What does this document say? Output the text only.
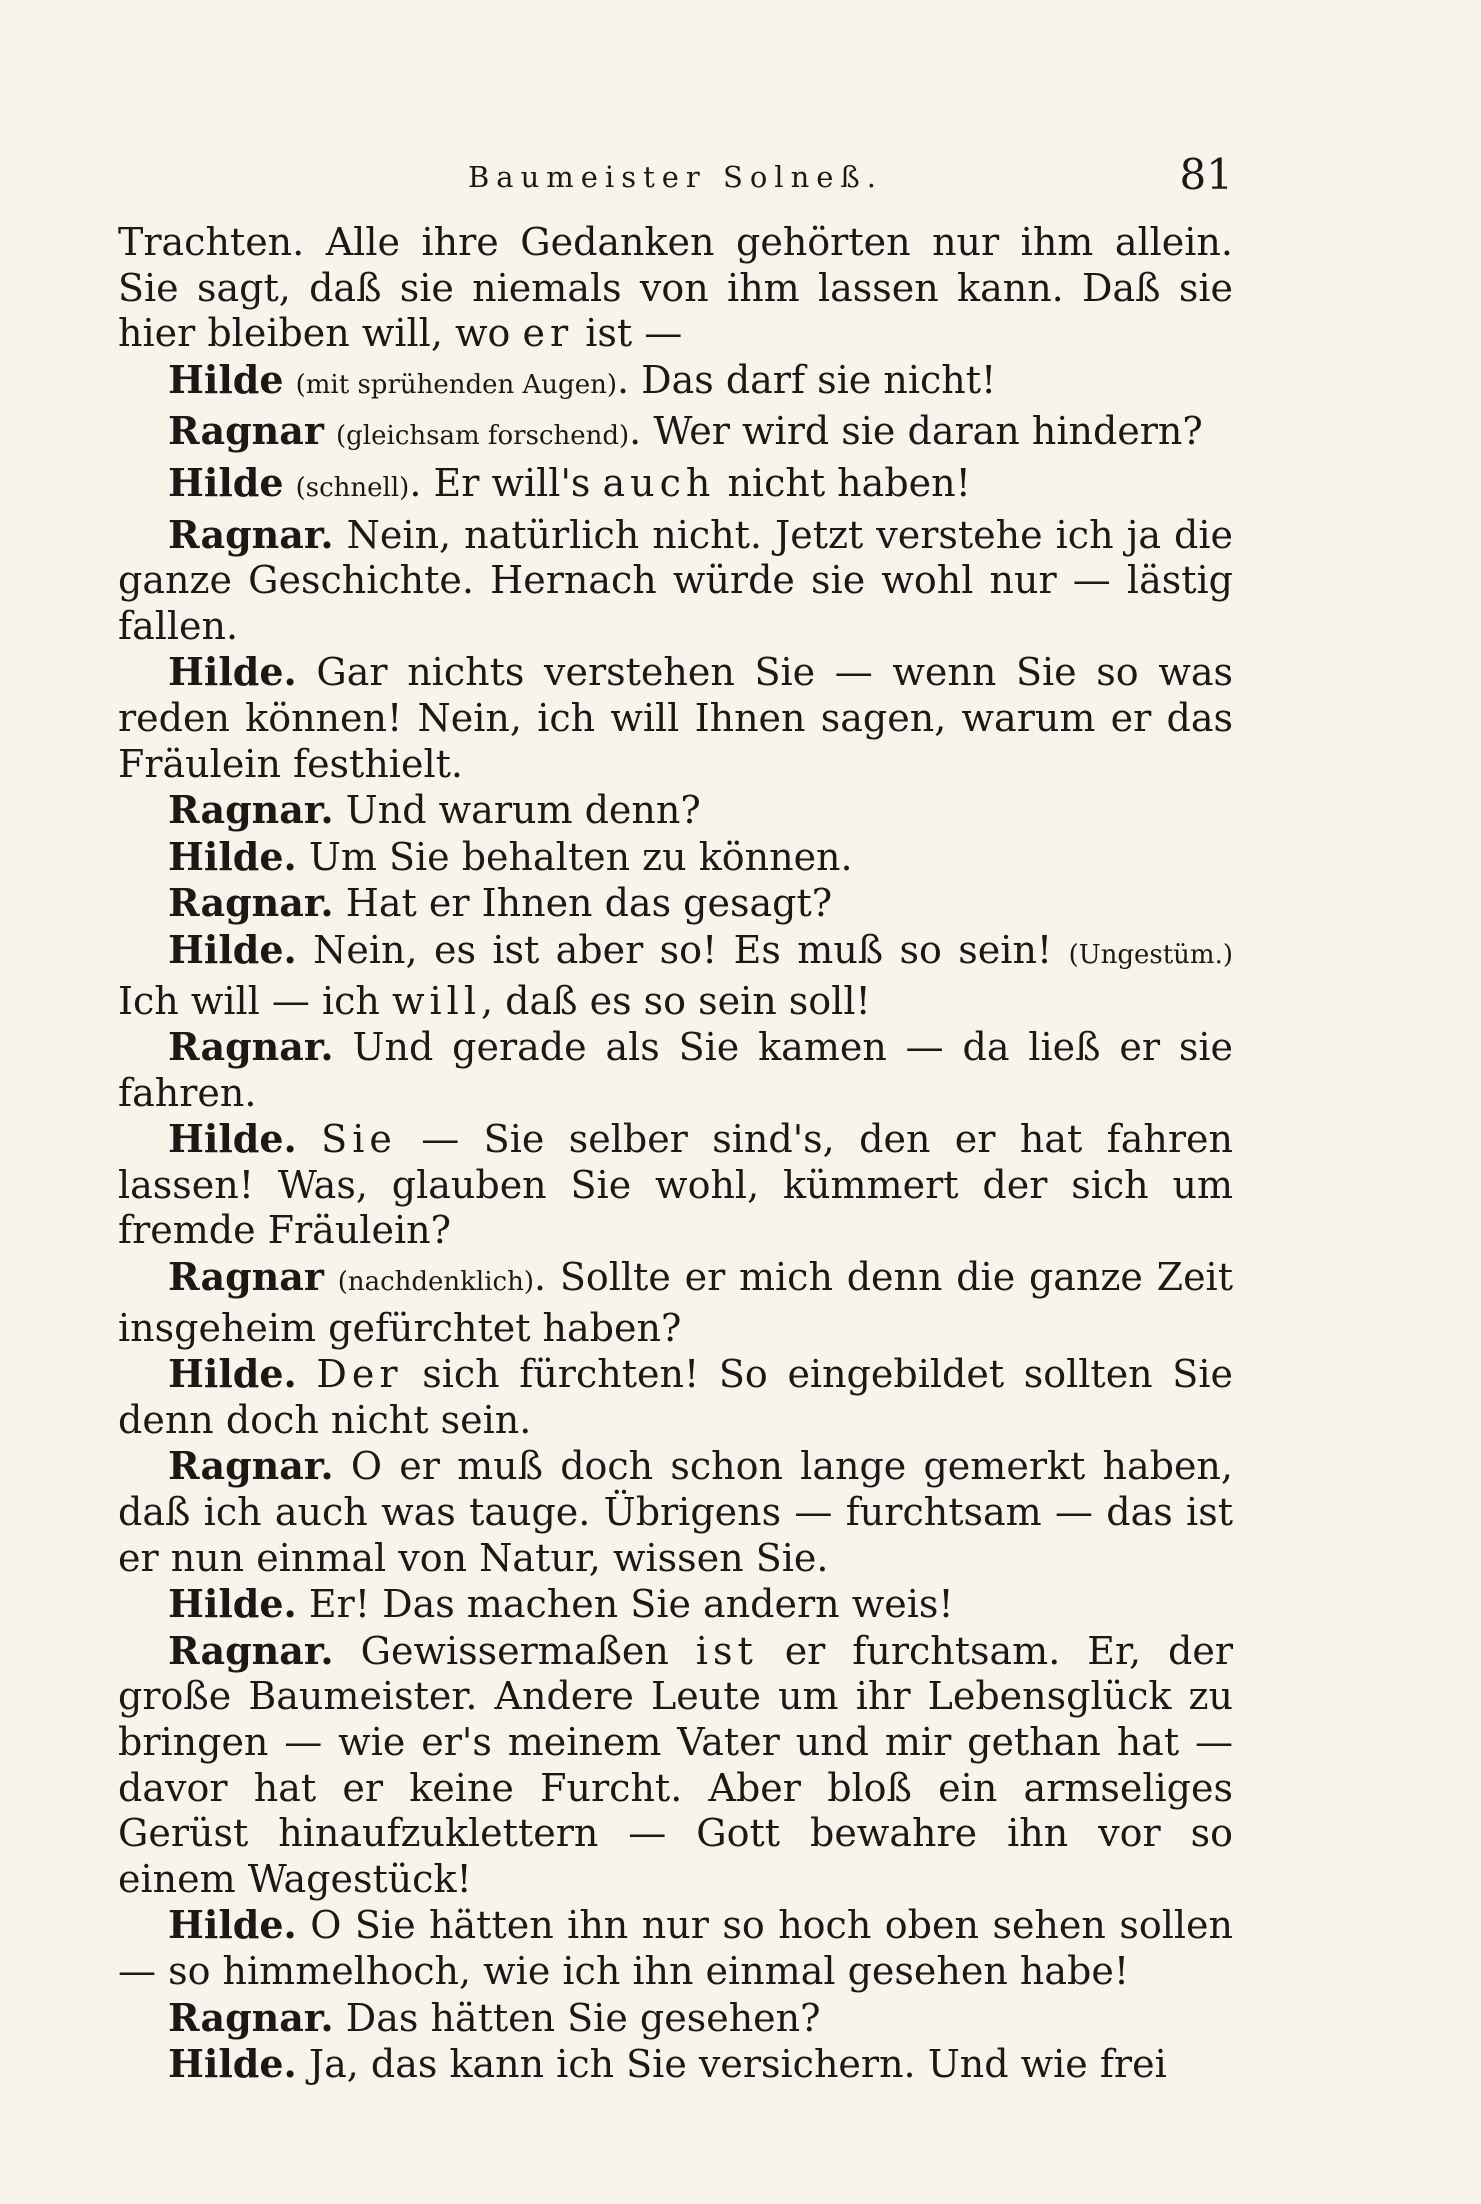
Baumeister Solneß.	81

Trachten. Alle ihre Gedanken gehörten nur ihm allein. Sie sagt, daß sie niemals von ihm lassen kann. Daß sie hier bleiben will, wo er ist —

Hilde (mit sprühenden Augen). Das darf sie nicht!

Ragnar (gleichsam forschend). Wer wird sie daran hindern?

Hilde (schnell). Er will's auch nicht haben!

Ragnar. Nein, natürlich nicht. Jetzt verstehe ich ja die ganze Geschichte. Hernach würde sie wohl nur — lästig fallen.

Hilde. Gar nichts verstehen Sie — wenn Sie so was reden können! Nein, ich will Ihnen sagen, warum er das Fräulein festhielt.

Ragnar. Und warum denn?

Hilde. Um Sie behalten zu können.

Ragnar. Hat er Ihnen das gesagt?

Hilde. Nein, es ist aber so! Es muß so sein! (Ungestüm.) Ich will — ich will, daß es so sein soll!

Ragnar. Und gerade als Sie kamen — da ließ er sie fahren.

Hilde. Sie — Sie selber sind's, den er hat fahren lassen! Was, glauben Sie wohl, kümmert der sich um fremde Fräulein?

Ragnar (nachdenklich). Sollte er mich denn die ganze Zeit insgeheim gefürchtet haben?

Hilde. Der sich fürchten! So eingebildet sollten Sie denn doch nicht sein.

Ragnar. O er muß doch schon lange gemerkt haben, daß ich auch was tauge. Übrigens — furchtsam — das ist er nun einmal von Natur, wissen Sie.

Hilde. Er! Das machen Sie andern weis!

Ragnar. Gewissermaßen ist er furchtsam. Er, der große Baumeister. Andere Leute um ihr Lebensglück zu bringen — wie er's meinem Vater und mir gethan hat — davor hat er keine Furcht. Aber bloß ein armseliges Gerüst hinaufzuklettern — Gott bewahre ihn vor so einem Wagestück!

Hilde. O Sie hätten ihn nur so hoch oben sehen sollen — so himmelhoch, wie ich ihn einmal gesehen habe!

Ragnar. Das hätten Sie gesehen?

Hilde. Ja, das kann ich Sie versichern. Und wie frei
